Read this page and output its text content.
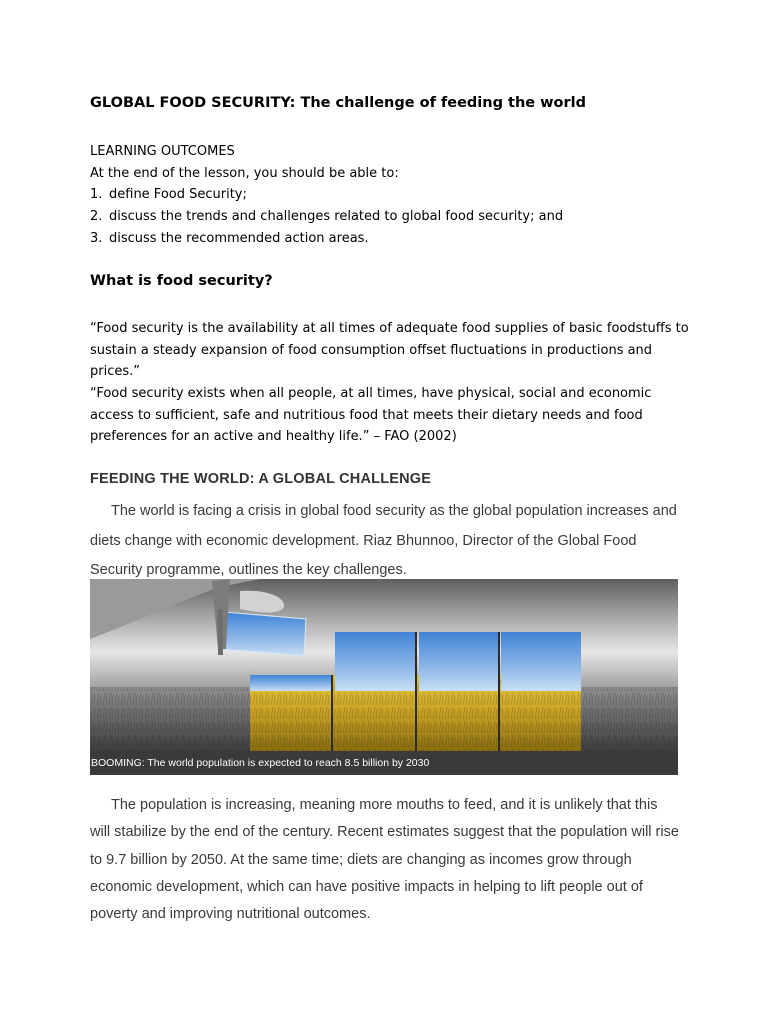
GLOBAL FOOD SECURITY: The challenge of feeding the world
LEARNING OUTCOMES
At the end of the lesson, you should be able to:
1. define Food Security;
2. discuss the trends and challenges related to global food security; and
3. discuss the recommended action areas.
What is food security?
“Food security is the availability at all times of adequate food supplies of basic foodstuffs to sustain a steady expansion of food consumption offset fluctuations in productions and prices.”
“Food security exists when all people, at all times, have physical, social and economic access to sufficient, safe and nutritious food that meets their dietary needs and food preferences for an active and healthy life.” – FAO (2002)
FEEDING THE WORLD: A GLOBAL CHALLENGE
The world is facing a crisis in global food security as the global population increases and diets change with economic development. Riaz Bhunnoo, Director of the Global Food Security programme, outlines the key challenges.
BOOMING: The world population is expected to reach 8.5 billion by 2030
The population is increasing, meaning more mouths to feed, and it is unlikely that this will stabilize by the end of the century. Recent estimates suggest that the population will rise to 9.7 billion by 2050. At the same time; diets are changing as incomes grow through economic development, which can have positive impacts in helping to lift people out of poverty and improving nutritional outcomes.
